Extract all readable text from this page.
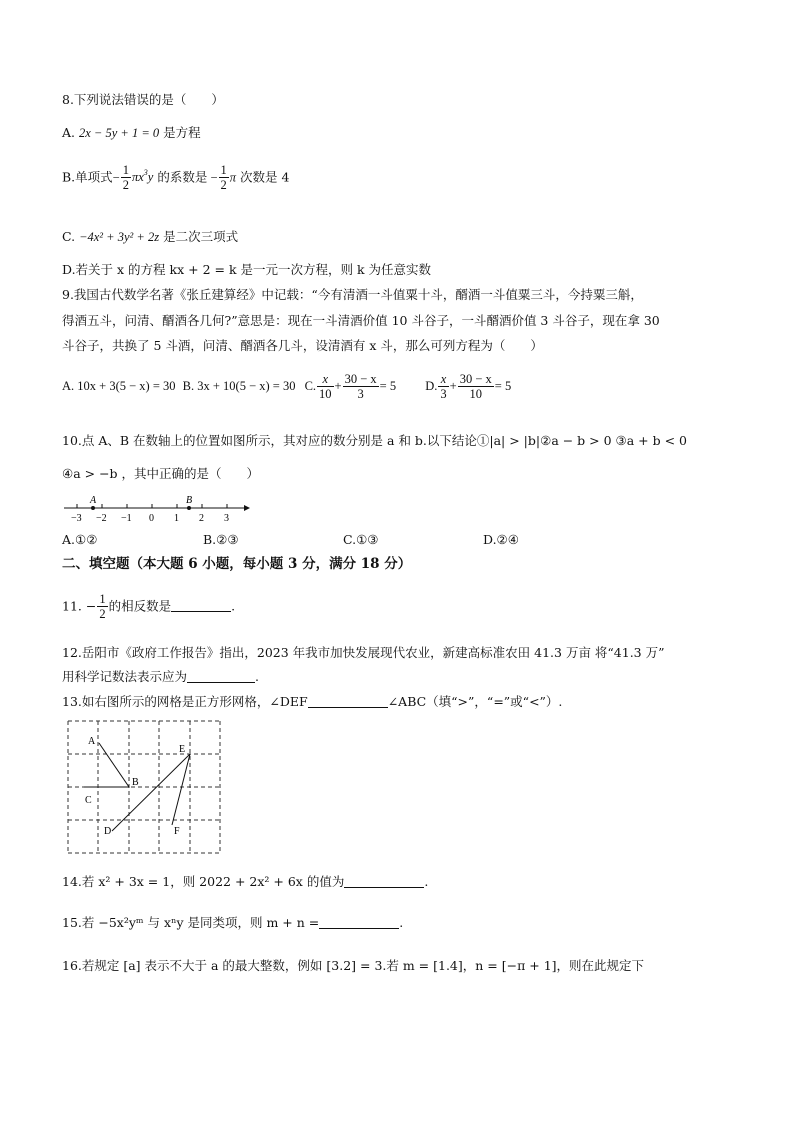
8.下列说法错误的是（　　）
A. 2x − 5y + 1 = 0 是方程
B.单项式− $\frac{1}{2} \pi x^3y$ 的系数是 − $\frac{1}{2}$ π 次数是 4
C. −4x² + 3y² + 2z 是二次三项式
D.若关于 x 的方程 kx + 2 = k 是一元一次方程，则 k 为任意实数
9.我国古代数学名著《张丘建算经》中记载：“今有清酒一斗值粟十斗，醑酒一斗值粟三斗，今持粟三斛，
得酒五斗，问清、醑酒各几何?”意思是：现在一斗清酒价值 10 斗谷子，一斗醑酒价值 3 斗谷子，现在拿 30
斗谷子，共换了 5 斗酒，问清、醑酒各几斗，设清酒有 x 斗，那么可列方程为（　　）
A. 10x + 3(5 − x) = 30 B. 3x + 10(5 − x) = 30 C. $\frac{x}{10} + \frac{30 - x}{3} = 5$ D. $\frac{x}{3} + \frac{30 - x}{10} = 5$
10.点 A、B 在数轴上的位置如图所示，其对应的数分别是 a 和 b.以下结论①|a| > |b|②a − b > 0 ③a + b < 0
④a > −b ，其中正确的是（　　）
A	B
−3 −2 −1 0 1 2 3
A.①②	B.②③	C.①③	D.②④
二、填空题（本大题 6 小题，每小题 3 分，满分 18 分）
11. − $\frac{1}{2}$ 的相反数是	.
12.岳阳市《政府工作报告》指出，2023 年我市加快发展现代农业，新建高标准农田 41.3 万亩 将“41.3 万”
用科学记数法表示应为	.
13.如右图所示的网格是正方形网格，∠DEF	∠ABC（填“>”，“=”或“<”）.
A
B
C
D
E
F
14.若 x² + 3x = 1，则 2022 + 2x² + 6x 的值为	.
15.若 −5x²yᵐ 与 xⁿy 是同类项，则 m + n =	.
16.若规定 [a] 表示不大于 a 的最大整数，例如 [3.2] = 3.若 m = [1.4]，n = [−π + 1]，则在此规定下
